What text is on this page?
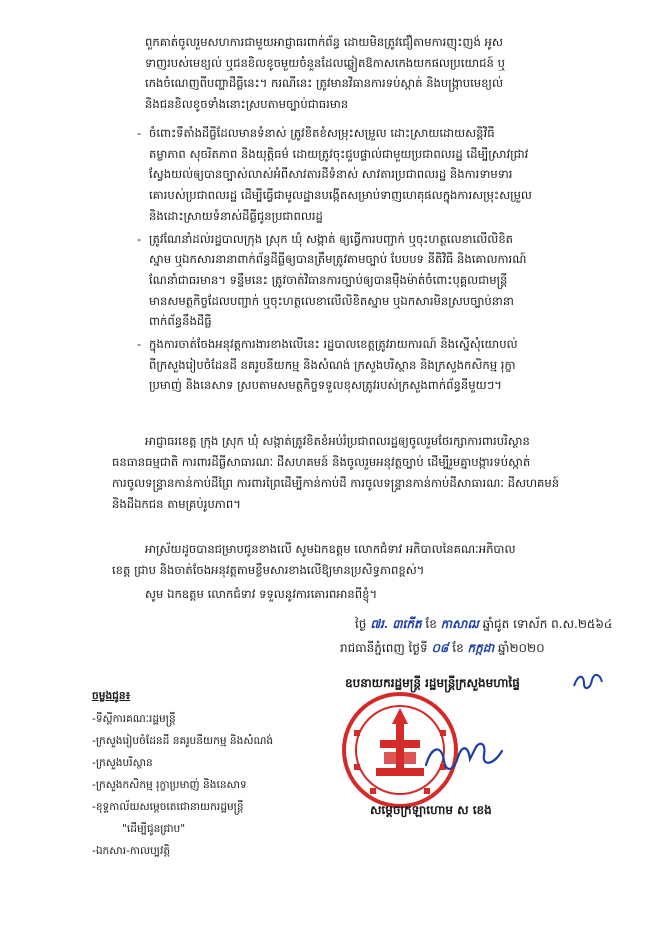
ពួកគាត់ចូលរួមសហការជាមួយអាជ្ញាធរពាក់ព័ន្ធ ដោយមិនត្រូវជឿតាមការញុះញង់ អូស
ទាញរបស់មេខ្យល់ ឬជនខិលខូចមួយចំនួនដែលឆ្លៀតឱកាសកេងយកផលប្រយោជន៍ ឬ
កេងចំណេញពីបញ្ហាដីធ្លីនេះ។ ករណីនេះ ត្រូវមានវិធានការទប់ស្កាត់ និងបង្ក្រាបមេខ្យល់
និងជនខិលខូចទាំងនោះស្របតាមច្បាប់ជាធរមាន
- ចំពោះទីតាំងដីធ្លីដែលមានទំនាស់ ត្រូវខិតខំសម្រុះសម្រួល ដោះស្រាយដោយសន្តិវិធី
តម្លាភាព សុចរិតភាព និងយុត្តិធម៌ ដោយត្រូវចុះជួបផ្ទាល់ជាមួយប្រជាពលរដ្ឋ ដើម្បីស្រាវជ្រាវ
ស្វែងយល់ឲ្យបានច្បាស់លាស់អំពីសាវតារដីទំនាស់ សាវតារប្រជាពលរដ្ឋ និងការទាមទារ
គោរបស់ប្រជាពលរដ្ឋ ដើម្បីធ្វើជាមូលដ្ឋានបង្កើតសម្រាប់ទាញហេតុផលក្នុងការសម្រុះសម្រួល
និងដោះស្រាយទំនាស់ដីធ្លីជូនប្រជាពលរដ្ឋ
- ត្រូវណែនាំដល់រដ្ឋបាលក្រុង ស្រុក ឃុំ សង្កាត់ ឲ្យធ្វើការបញ្ជាក់ ឬចុះហត្ថលេខាលើលិខិត
ស្នាម ឬឯកសារនានាពាក់ព័ន្ធដីធ្លីឲ្យបានត្រឹមត្រូវតាមច្បាប់ បែបបទ នីតិវិធី និងគោលការណ៍
ណែនាំជាធរមាន។ ទន្ទឹមនេះ ត្រូវចាត់វិធានការច្បាប់ឲ្យបានម៉ឺងម៉ាត់ចំពោះបុគ្គលជាមន្ត្រី
មានសមត្ថកិច្ចដែលបញ្ជាក់ ឬចុះហត្ថលេខាលើលិខិតស្នាម ឬឯកសារមិនស្របច្បាប់នានា
ពាក់ព័ន្ធនឹងដីធ្លី
- ក្នុងការចាត់ចែងអនុវត្តការងារខាងលើនេះ រដ្ឋបាលខេត្តត្រូវរាយការណ៍ និងស្នើសុំយោបល់
ពីក្រសួងរៀបចំដែនដី នគរូបនីយកម្ម និងសំណង់ ក្រសួងបរិស្ថាន និងក្រសួងកសិកម្ម រុក្ខា
ប្រមាញ់ និងនេសាទ ស្របតាមសមត្ថកិច្ចទទួលខុសត្រូវរបស់ក្រសួងពាក់ព័ន្ធនីមួយៗ។
អាជ្ញាធរខេត្ត ក្រុង ស្រុក ឃុំ សង្កាត់ត្រូវខិតខំអប់រំប្រជាពលរដ្ឋឲ្យចូលរួមថែរក្សាការពារបរិស្ថាន
ធនធានធម្មជាតិ ការពារដីធ្លីសាធារណៈ ដីសហគមន៍ និងចូលរួមអនុវត្តច្បាប់ ដើម្បីរួមគ្នាបង្ការទប់ស្កាត់
ការចូលទន្ទ្រានកាន់កាប់ដីព្រៃ ការពារព្រៃដើម្បីកាន់កាប់ដី ការចូលទន្ទ្រានកាន់កាប់ដីសាធារណៈ ដីសហគមន៍
និងដីឯកជន តាមគ្រប់រូបភាព។
អាស្រ័យដូចបានជម្រាបជូនខាងលើ សូមឯកឧត្តម លោកជំទាវ អភិបាលនៃគណៈអភិបាល
ខេត្ត ជ្រាប និងចាត់ចែងអនុវត្តតាមខ្លឹមសារខាងលើឱ្យមានប្រសិទ្ធភាពខ្ពស់។
សូម ឯកឧត្តម លោកជំទាវ ទទួលនូវការគោរពអានពីខ្ញុំ។
ថ្ងៃ ៧រ. ៣កើត ខែ កាសាឍ ឆ្នាំជូត ទោស័ក ព.ស.២៥៦៤
រាជធានីភ្នំពេញ ថ្ងៃទី ០៨ ខែ កក្កដា ឆ្នាំ២០២០
ឧបនាយករដ្ឋមន្ត្រី រដ្ឋមន្ត្រីក្រសួងមហាផ្ទៃ
សម្តេចក្រឡាហោម ស ខេង
ចម្លងជូន៖
-ទីស្តីការគណៈរដ្ឋមន្ត្រី
-ក្រសួងរៀបចំដែនដី នគរូបនីយកម្ម និងសំណង់
-ក្រសួងបរិស្ថាន
-ក្រសួងកសិកម្ម រុក្ខាប្រមាញ់ និងនេសាទ
-ខុទ្ទកាល័យសម្តេចតេជោនាយករដ្ឋមន្ត្រី
"ដើម្បីជូនជ្រាប"
-ឯកសារ-កាលប្បវត្តិ
